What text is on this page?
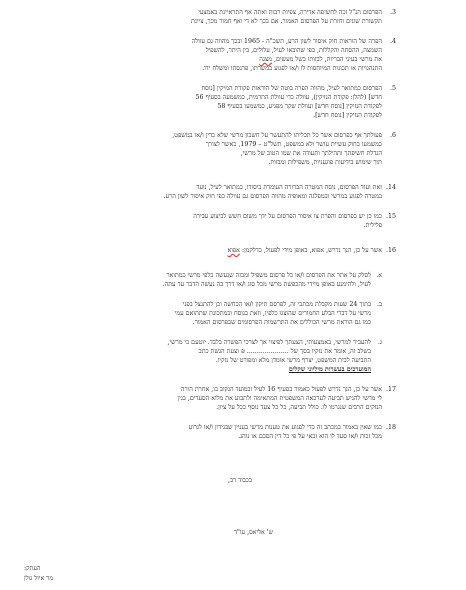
3.
הפרסום הנ"ל זכה לחשיפה אדירה, צפיות רבות ואתה אף התראיינת באמצעי
תקשורת שונים וחזרת על הפרסום האמור. אם בכך לא די ואף חמור מכך, ציינת
4.
הפרה של הוראות חוק איסור לשון הרע, תשכ"ה - 1965 ובכך מהווה גם עוולה
השמצה, ההסתה והקללות, כפי שהובאו לעיל, עלולים, בין היתר, להשפיל
את מרשי בעיני הבריות, לבזותו בשל מעשים, מצגה
התנהגויות או תכונות המיוחסות לו ו/או לפגוע במשרתו, פרנסתו ומשלח ידו.
5.
הפרסום כמתואר לעיל, מהווה הפרה בוטה של הוראות פקודת הנזיקין [נוסח
חדש] (להלן: פקודת הנזיקין), עוולה כדי עוולת התרמית, כמשמעה בסעיף 56
לפקודת הנזיקין [נוסח חדש] ועוולת שקר מפגיע, כמשמעו בסעיף 58
לפקודת הנזיקין [נוסח חדש].
6.
פעולתך אף כפרסום אשר כל תכליתו להתעשר על חשבון מרשי שלא כדין ו/או במשפט,
כמשמעו בחוק עשיית עושר ולא במשפט, תשל"ט – 1979, כאשר לצורך
הגדלת חשיפתך ותהילתך ותעודה את שמו הטוב של מרשי,
תוך שימוש בידיעות פוגעניות, משפילות ומבזות.
14.
זאת ועוד הפרסום, נוסח המטרה הברורה העומדת ביסודו, כמתואר לעיל, נועד
במטרה לפגוע במרשי ובמפלגה ומאופיה מהווה הפרסום גם עוולה כפי חוק איסור לשון הרע.
15.
כמו כן יש בפרסום והפרת צו איסור הפרסום על ידך משום חשש לביצוע עבירה
פלילית.
16.
אשר על כן, הנך נדרש, אפוא, באופן מידי לפעול, כדלקמן: אפוא
א.
לסלק על אתר את הפרסום ו/או כל פרסום משפיל ומבזה שנעשה כלפי מרשי כמתואר
לעיל, ולהימנע באופן מיידי מהכפשת מרשי מכל סוג ו/או דרך בה נעשה הדבר עד עתה.
ב.
בתוך 24 שעות מקבלת מכתבי זה, לפרסם תיקון ו/או הכחשה וכן להתנצל בפני
מרשי על דברי הבלע החמורים שהוצגו כלפיו, וזאת בנוסח ובמתכונת שתתואם עמי
כמו גם הוראת מרשי הכוללים את התרשמות הפרסומים שבפרסום האמור.
ג.
להעביר למרשי, באמצעותי, הצעתך לפיצוי אך לצרכי הפשרה בלבד. יוטעם כי מרשי,
בשלב זה, אומד את נזקיו בסך של ..................... ₪ וצעת הגשת כתב
התביעה לבית המשפט, יצרף מרשי אומדן מלא ומפורט של נזקיו.
המוערכים בעשרות מיליוני שקלים
17.
אשר על כן, הנך נדרש לפעול כאמור בסעיף 16 לעיל ובמועד הנקוב בו, אחרת הורה
לי מרשי להגיש תביעה לערכאה המשפטית המתאימה ולתבוע את מלוא הסעדים, בגין
הנזקים הרבים שנגרמו לו. כולל תביעה, כל כל צעד נוסף ככל על ציון.
18.
כמו שאין באמור במכתב זה כדי לפגוע את טענות מרשי בעניין שבנידון ו/או לגרוע
מכל זכות ו/או סעד לו הוא זכאי על פי כל דין הסכם או נוהג.
בכבוד רב,
ש' אליאס, עו"ד
העתק:
מר איול גולן
